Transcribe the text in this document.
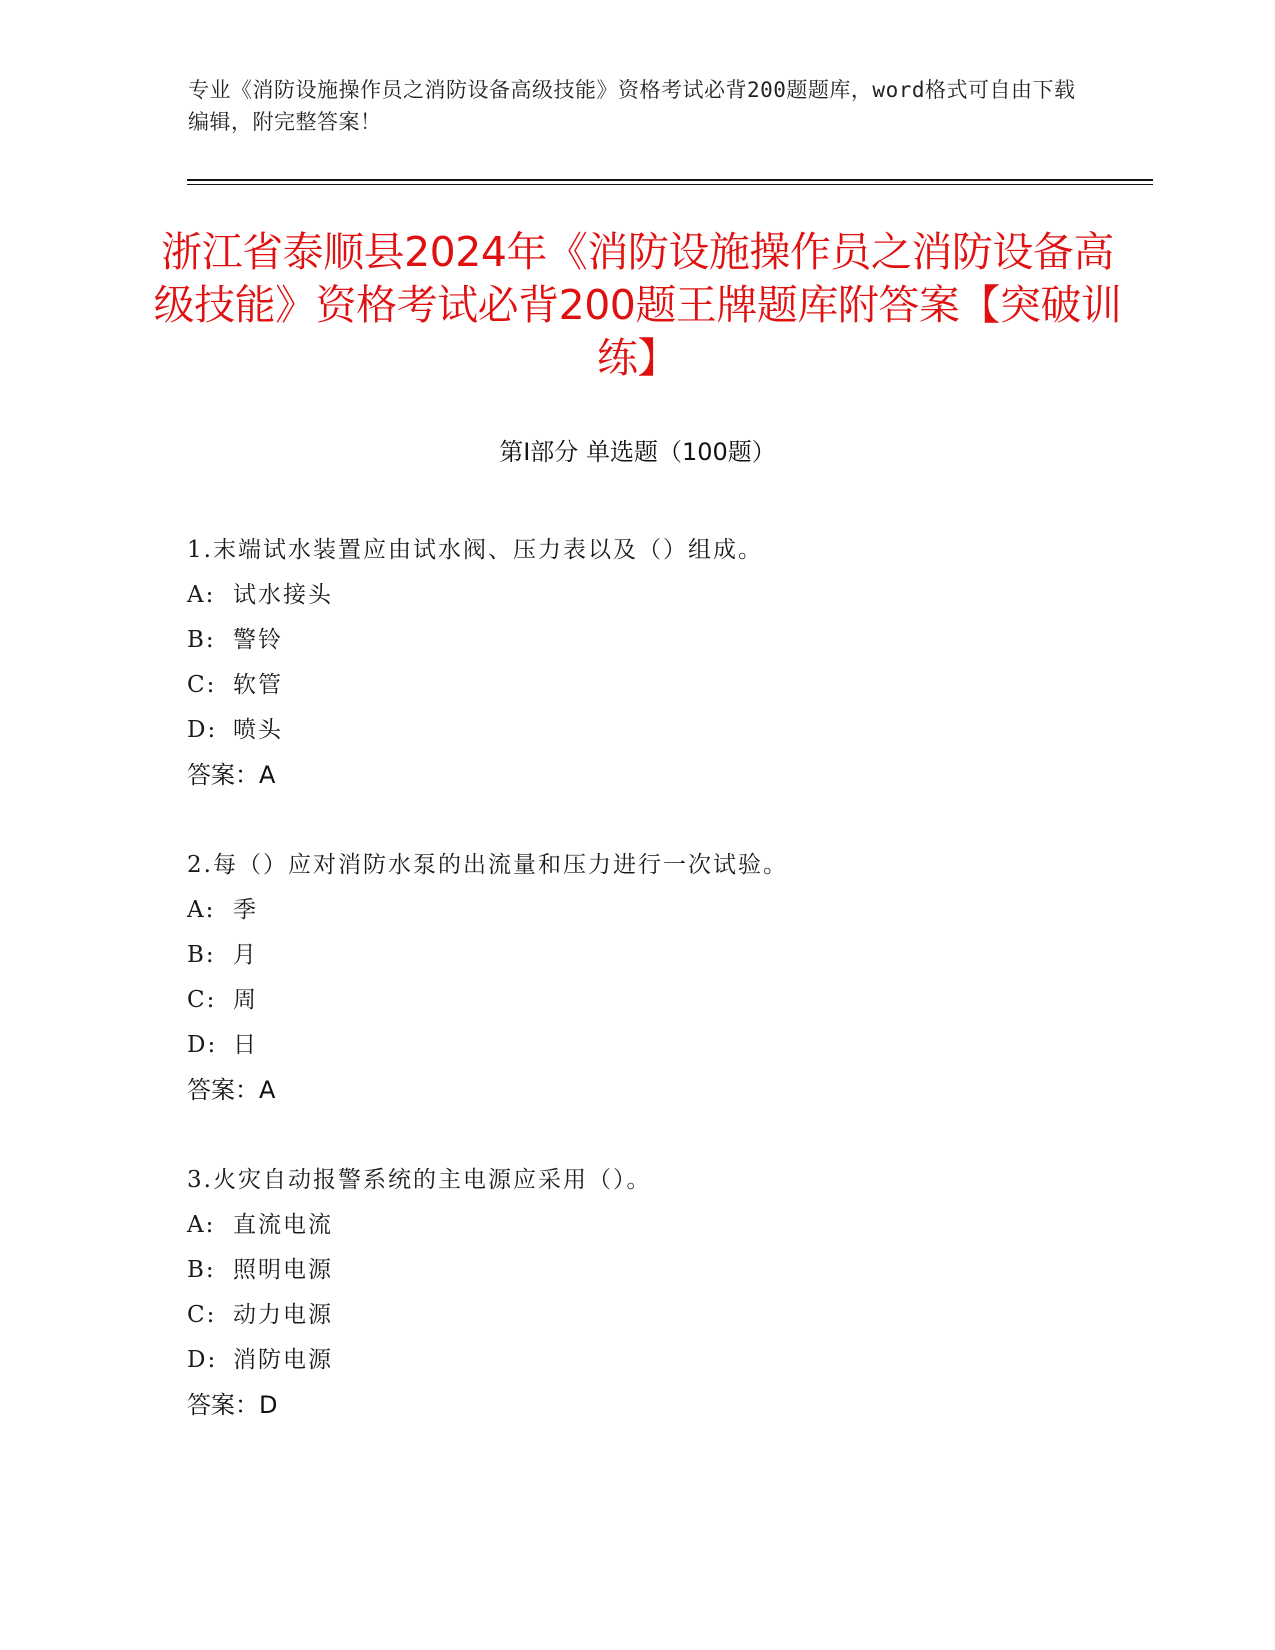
专业《消防设施操作员之消防设备高级技能》资格考试必背200题题库，word格式可自由下载编辑，附完整答案！
浙江省泰顺县2024年《消防设施操作员之消防设备高级技能》资格考试必背200题王牌题库附答案【突破训练】
第Ⅰ部分 单选题（100题）
1.末端试水装置应由试水阀、压力表以及（）组成。
A: 试水接头
B: 警铃
C: 软管
D: 喷头
答案：A
2.每（）应对消防水泵的出流量和压力进行一次试验。
A: 季
B: 月
C: 周
D: 日
答案：A
3.火灾自动报警系统的主电源应采用（）。
A: 直流电流
B: 照明电源
C: 动力电源
D: 消防电源
答案：D
